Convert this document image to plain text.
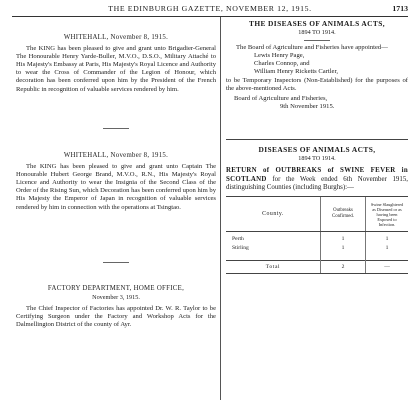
THE EDINBURGH GAZETTE, NOVEMBER 12, 1915.	1713
WHITEHALL, November 8, 1915.

The KING has been pleased to give and grant unto Brigadier-General The Honourable Henry Yarde-Buller, M.V.O., D.S.O., Military Attaché to His Majesty's Embassy at Paris, His Majesty's Royal Licence and Authority to wear the Cross of Commander of the Legion of Honour, which decoration has been conferred upon him by the President of the French Republic in recognition of valuable services rendered by him.

WHITEHALL, November 8, 1915.

The KING has been pleased to give and grant unto Captain The Honourable Hubert George Brand, M.V.O., R.N., His Majesty's Royal Licence and Authority to wear the Insignia of the Second Class of the Order of the Rising Sun, which Decoration has been conferred upon him by His Majesty the Emperor of Japan in recognition of valuable services rendered by him in connection with the operations at Tsingtao.

FACTORY DEPARTMENT, HOME OFFICE,
November 3, 1915.

The Chief Inspector of Factories has appointed Dr. W. R. Taylor to be Certifying Surgeon under the Factory and Workshop Acts for the Dalmellington District of the county of Ayr.

THE DISEASES OF ANIMALS ACTS,
1894 TO 1914.

The Board of Agriculture and Fisheries have appointed—

Lewis Henry Page,
Charles Connop, and
William Henry Ricketts Cartler,

to be Temporary Inspectors (Non-Established) for the purposes of the above-mentioned Acts.

Board of Agriculture and Fisheries,
9th November 1915.
DISEASES OF ANIMALS ACTS,
1894 TO 1914.

RETURN of OUTBREAKS of SWINE FEVER in SCOTLAND for the Week ended 6th November 1915, distinguishing Counties (including Burghs):—

County.	Outbreaks Confirmed.	Swine Slaughtered as Diseased or as having been Exposed to Infection.
Perth	1	1
Stirling	1	1
Total	2	—
